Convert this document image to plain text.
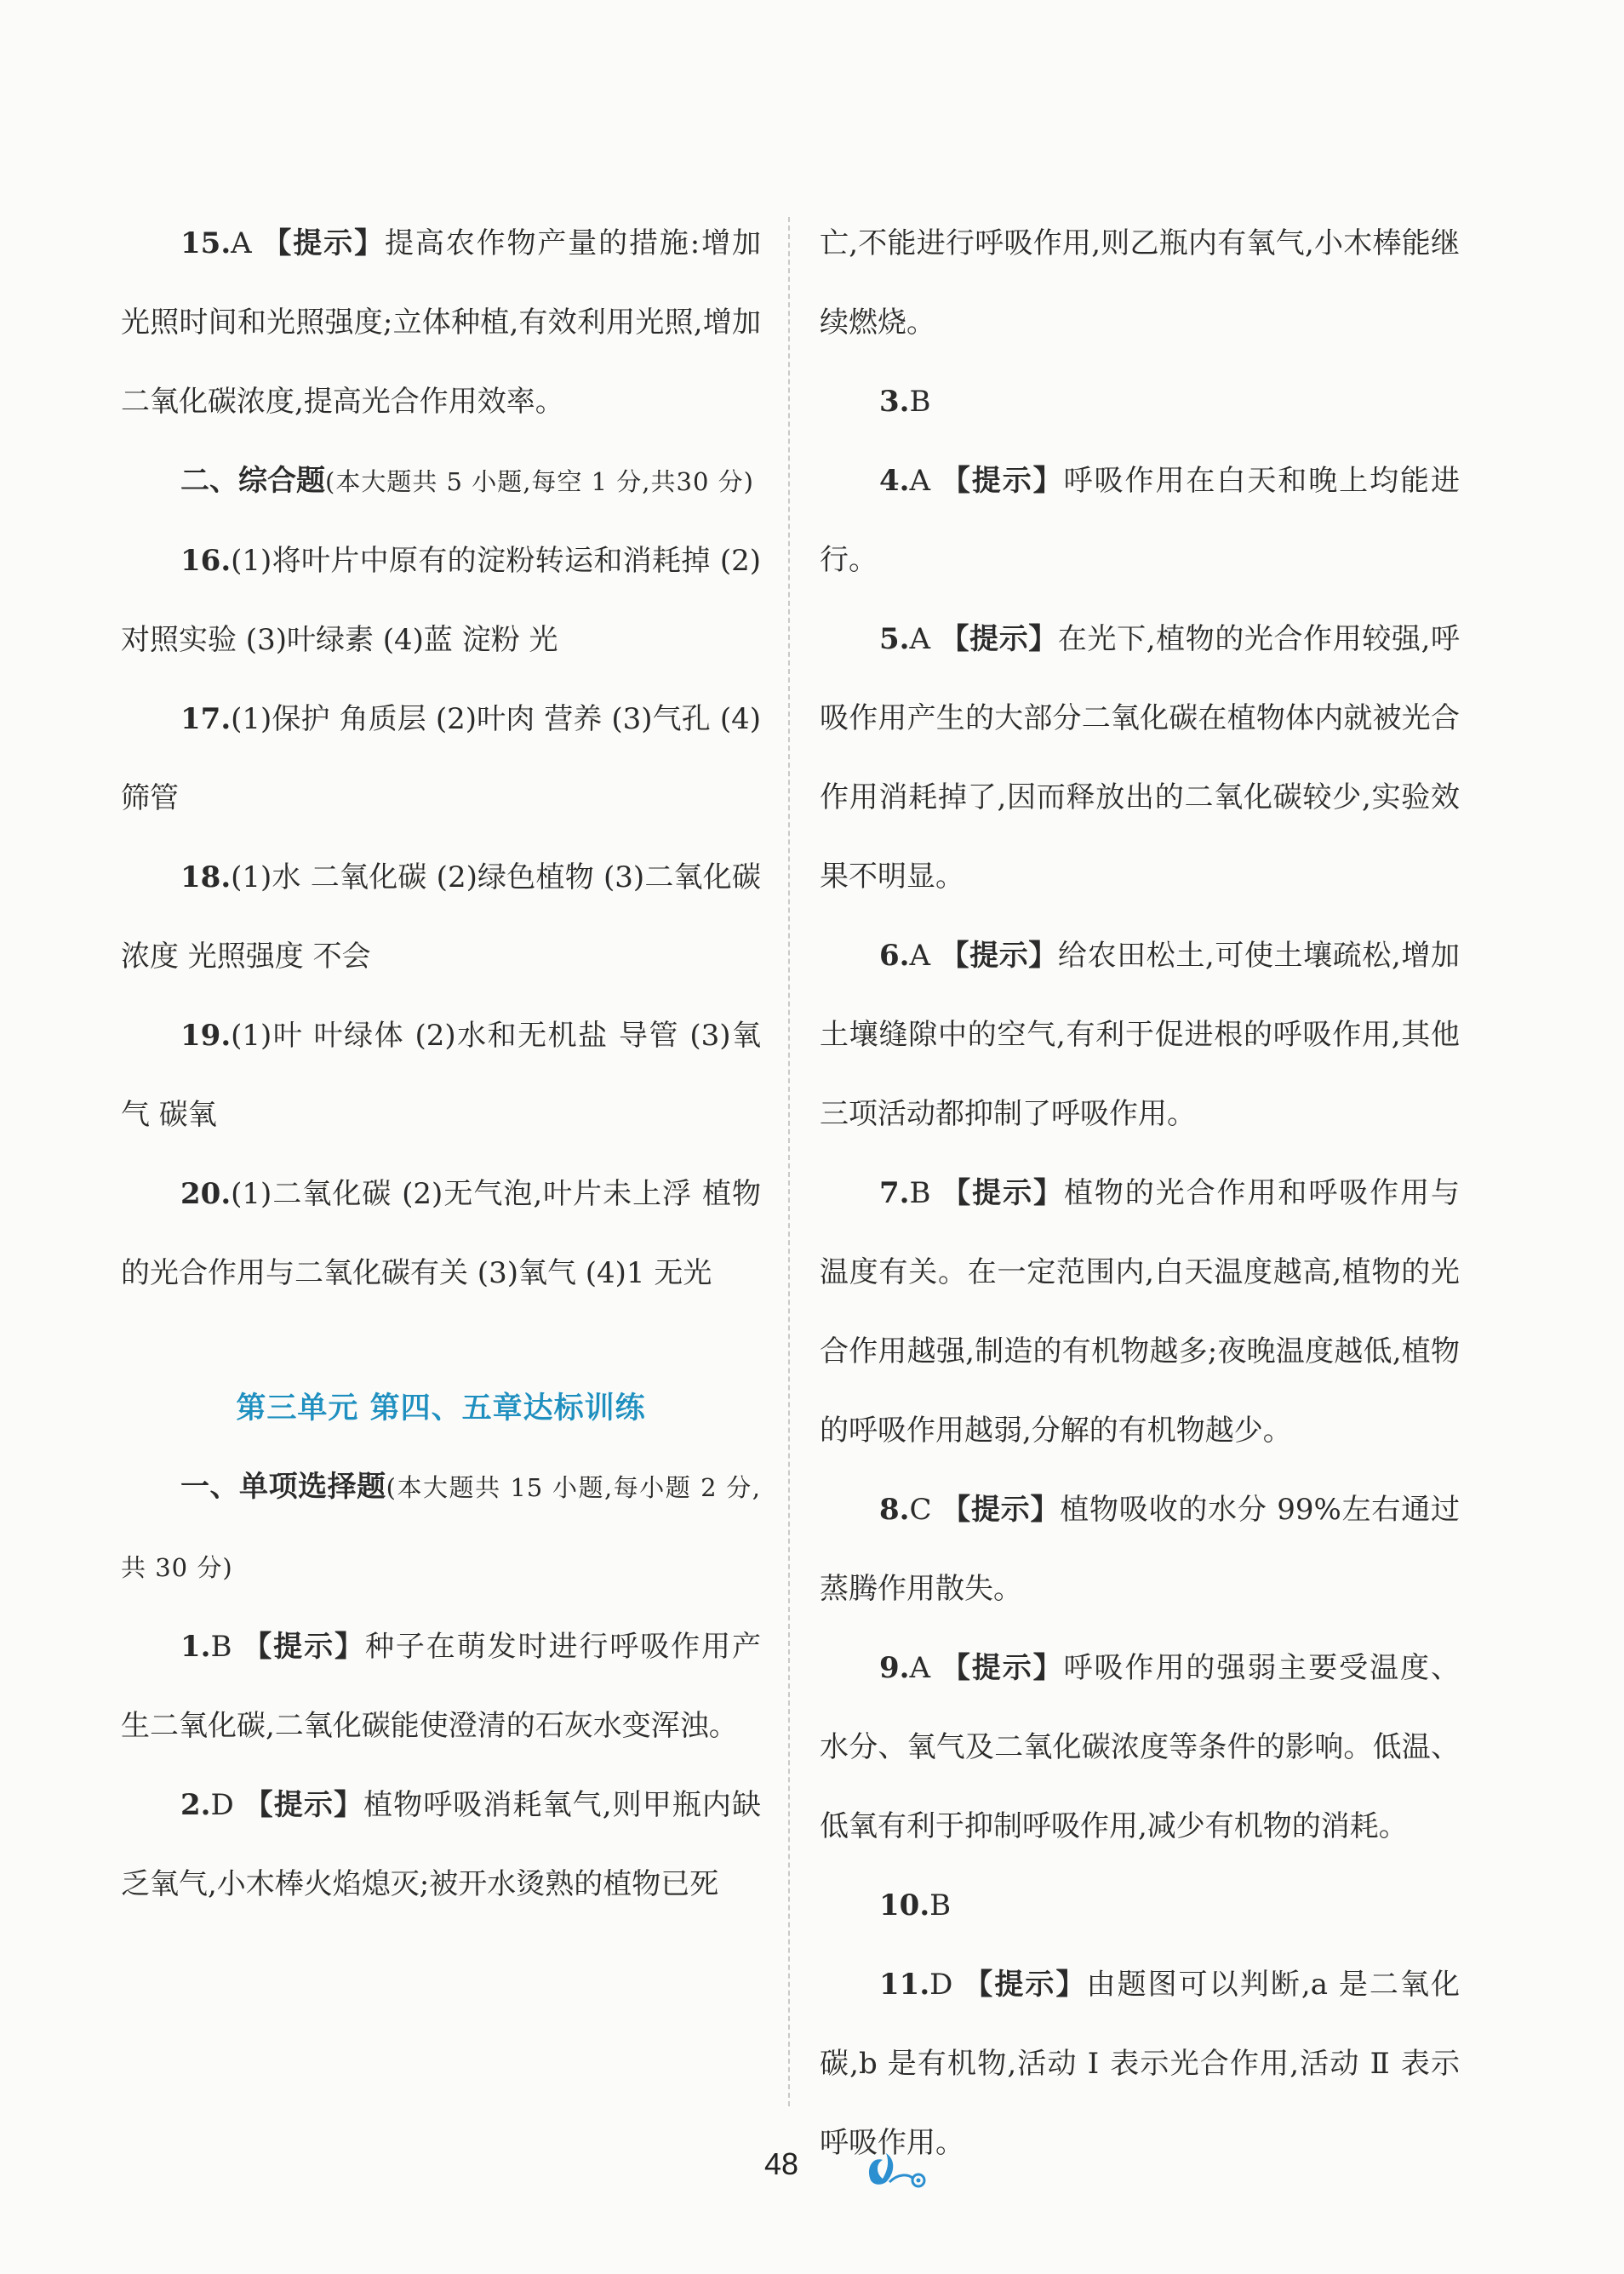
15.A 【提示】提高农作物产量的措施:增加光照时间和光照强度;立体种植,有效利用光照,增加二氧化碳浓度,提高光合作用效率。

二、综合题(本大题共 5 小题,每空 1 分,共30 分)

16.(1)将叶片中原有的淀粉转运和消耗掉 (2)对照实验 (3)叶绿素 (4)蓝 淀粉 光

17.(1)保护 角质层 (2)叶肉 营养 (3)气孔 (4)筛管

18.(1)水 二氧化碳 (2)绿色植物 (3)二氧化碳浓度 光照强度 不会

19.(1)叶 叶绿体 (2)水和无机盐 导管 (3)氧气 碳氧

20.(1)二氧化碳 (2)无气泡,叶片未上浮 植物的光合作用与二氧化碳有关 (3)氧气 (4)1 无光

第三单元 第四、五章达标训练

一、单项选择题(本大题共 15 小题,每小题 2 分,共 30 分)

1.B 【提示】种子在萌发时进行呼吸作用产生二氧化碳,二氧化碳能使澄清的石灰水变浑浊。

2.D 【提示】植物呼吸消耗氧气,则甲瓶内缺乏氧气,小木棒火焰熄灭;被开水烫熟的植物已死

亡,不能进行呼吸作用,则乙瓶内有氧气,小木棒能继续燃烧。

3.B

4.A 【提示】呼吸作用在白天和晚上均能进行。

5.A 【提示】在光下,植物的光合作用较强,呼吸作用产生的大部分二氧化碳在植物体内就被光合作用消耗掉了,因而释放出的二氧化碳较少,实验效果不明显。

6.A 【提示】给农田松土,可使土壤疏松,增加土壤缝隙中的空气,有利于促进根的呼吸作用,其他三项活动都抑制了呼吸作用。

7.B 【提示】植物的光合作用和呼吸作用与温度有关。在一定范围内,白天温度越高,植物的光合作用越强,制造的有机物越多;夜晚温度越低,植物的呼吸作用越弱,分解的有机物越少。

8.C 【提示】植物吸收的水分 99%左右通过蒸腾作用散失。

9.A 【提示】呼吸作用的强弱主要受温度、水分、氧气及二氧化碳浓度等条件的影响。低温、低氧有利于抑制呼吸作用,减少有机物的消耗。

10.B

11.D 【提示】由题图可以判断,a 是二氧化碳,b 是有机物,活动 Ⅰ 表示光合作用,活动 Ⅱ 表示呼吸作用。

48
